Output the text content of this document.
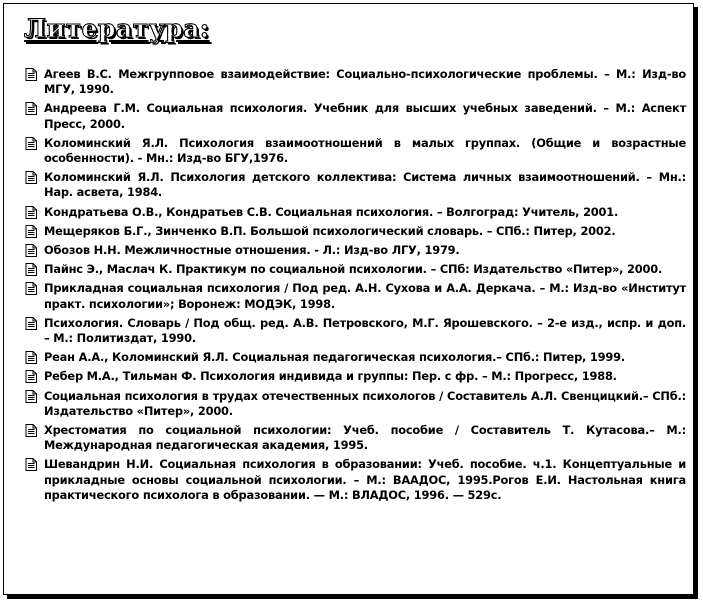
Литература:
Агеев В.С. Межгрупповое взаимодействие: Социально-психологические проблемы. – М.: Изд-во МГУ, 1990.
Андреева Г.М. Социальная психология. Учебник для высших учебных заведений. – М.: Аспект Пресс, 2000.
Коломинский Я.Л. Психология взаимоотношений в малых группах. (Общие и возрастные особенности). - Мн.: Изд-во БГУ,1976.
Коломинский Я.Л. Психология детского коллектива: Система личных взаимоотношений. – Мн.: Нар. асвета, 1984.
Кондратьева О.В., Кондратьев С.В. Социальная психология. – Волгоград: Учитель, 2001.
Мещеряков Б.Г., Зинченко В.П. Большой психологический словарь. – СПб.: Питер, 2002.
Обозов Н.Н. Межличностные отношения. - Л.: Изд-во ЛГУ, 1979.
Пайнс Э., Маслач К. Практикум по социальной психологии. – СПб: Издательство «Питер», 2000.
Прикладная социальная психология / Под ред. А.Н. Сухова и А.А. Деркача. – М.: Изд-во «Институт практ. психологии»; Воронеж: МОДЭК, 1998.
Психология. Словарь / Под общ. ред. А.В. Петровского, М.Г. Ярошевского. – 2-е изд., испр. и доп. – М.: Политиздат, 1990.
Реан А.А., Коломинский Я.Л. Социальная педагогическая психология.– СПб.: Питер, 1999.
Ребер М.А., Тильман Ф. Психология индивида и группы: Пер. с фр. – М.: Прогресс, 1988.
Социальная психология в трудах отечественных психологов / Составитель А.Л. Свенцицкий.– СПб.: Издательство «Питер», 2000.
Хрестоматия по социальной психологии: Учеб. пособие / Составитель Т. Кутасова.– М.: Международная педагогическая академия, 1995.
Шевандрин Н.И. Социальная психология в образовании: Учеб. пособие. ч.1. Концептуальные и прикладные основы социальной психологии. – М.: ВААДОС, 1995.Рогов Е.И. Настольная книга практического психолога в образовании. — М.: ВЛАДОС, 1996. — 529с.
